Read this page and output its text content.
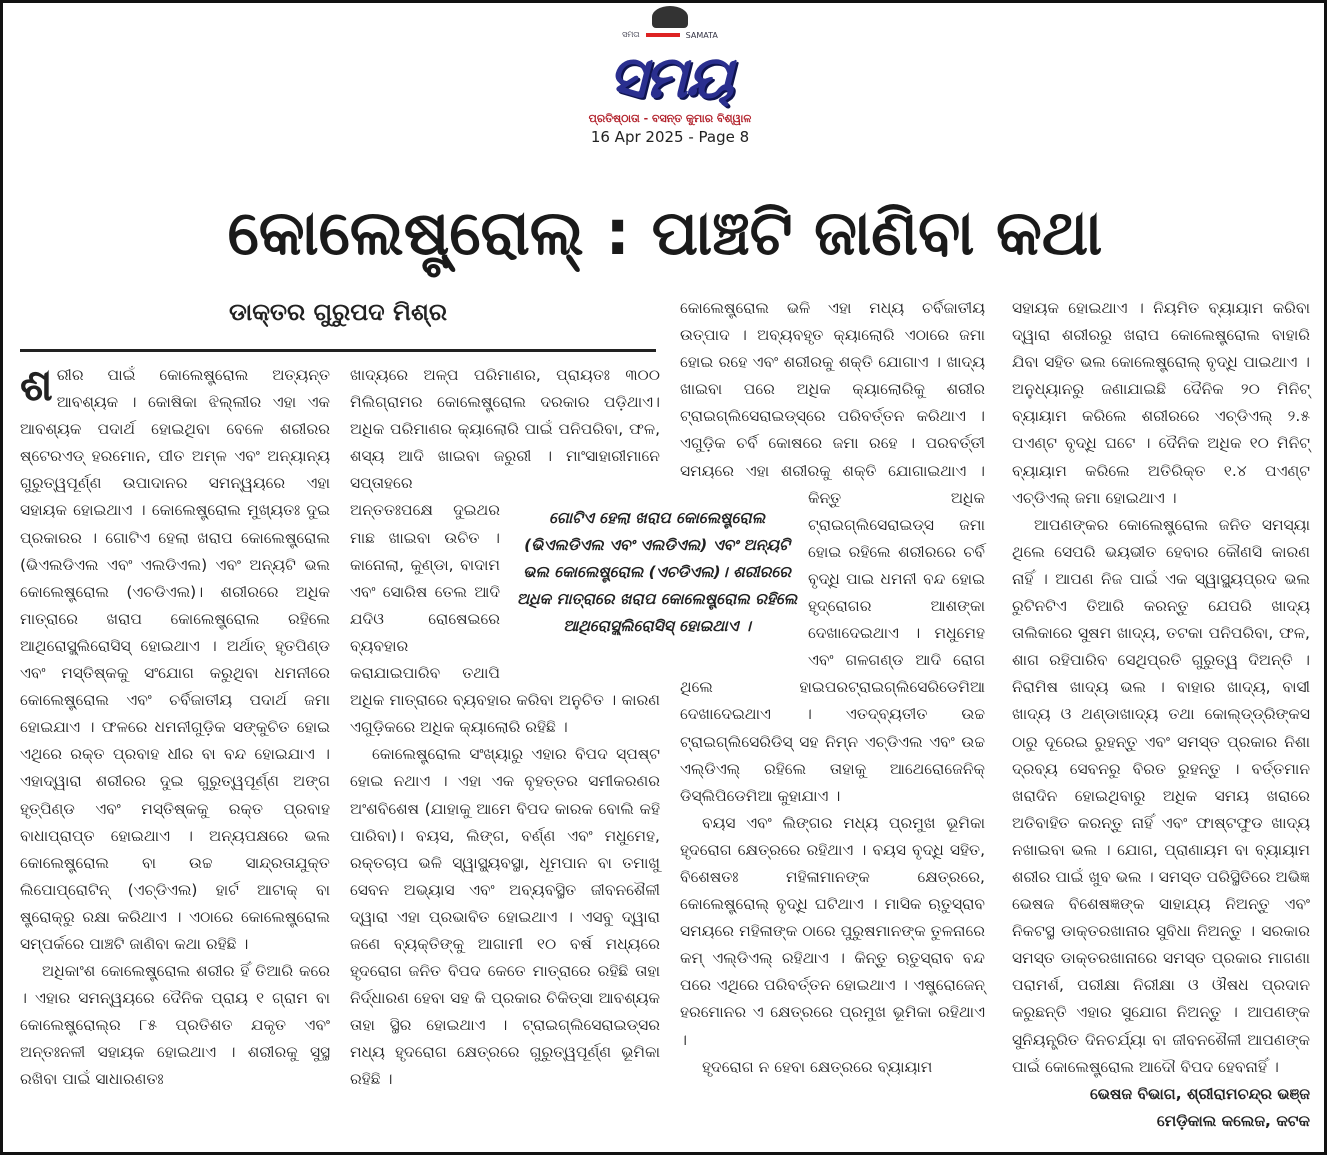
ସମତା	SAMATA
ସମୟ
ପ୍ରତିଷ୍ଠାତା - ବସନ୍ତ କୁମାର ବିଶ୍ୱାଳ
16 Apr 2025 - Page 8
କୋଲେଷ୍ଟ୍ରୋଲ୍ : ପାଞ୍ଚଟି ଜାଣିବା କଥା
ଡାକ୍ତର ଗୁରୁପଦ ମିଶ୍ର

ଶରୀର ପାଇଁ କୋଲେଷ୍ଟ୍ରୋଲ ଅତ୍ୟନ୍ତ ଆବଶ୍ୟକ । କୋଷିକା ଝିଲ୍ଲୀର ଏହା ଏକ ଆବଶ୍ୟକ ପଦାର୍ଥ ହୋଇଥିବା ବେଳେ ଶରୀରର ଷ୍ଟେରଏଡ୍ ହରମୋନ, ପୀତ ଅମ୍ଳ ଏବଂ ଅନ୍ୟାନ୍ୟ ଗୁରୁତ୍ୱପୂର୍ଣ୍ଣ ଉପାଦାନର ସମନ୍ୱୟରେ ଏହା ସହାୟକ ହୋଇଥାଏ । କୋଲେଷ୍ଟ୍ରୋଲ ମୁଖ୍ୟତଃ ଦୁଇ ପ୍ରକାରର । ଗୋଟିଏ ହେଲା ଖରାପ କୋଲେଷ୍ଟ୍ରୋଲ (ଭିଏଲଡିଏଲ ଏବଂ ଏଲଡିଏଲ) ଏବଂ ଅନ୍ୟଟି ଭଲ କୋଲେଷ୍ଟ୍ରୋଲ (ଏଚଡିଏଲ)। ଶରୀରରେ ଅଧିକ ମାତ୍ରାରେ ଖରାପ କୋଲେଷ୍ଟ୍ରୋଲ ରହିଲେ ଆଥିରୋସ୍କ୍ଲିରୋସିସ୍ ହୋଇଥାଏ । ଅର୍ଥାତ୍ ହୃତପିଣ୍ଡ ଏବଂ ମସ୍ତିଷ୍କକୁ ସଂଯୋଗ କରୁଥିବା ଧମନୀରେ କୋଲେଷ୍ଟ୍ରୋଲ ଏବଂ ଚର୍ବିଜାତୀୟ ପଦାର୍ଥ ଜମା ହୋଇଯାଏ । ଫଳରେ ଧମନୀଗୁଡ଼ିକ ସଙ୍କୁଚିତ ହୋଇ ଏଥିରେ ରକ୍ତ ପ୍ରବାହ ଧୀର ବା ବନ୍ଦ ହୋଇଯାଏ । ଏହାଦ୍ୱାରା ଶରୀରର ଦୁଇ ଗୁରୁତ୍ୱପୂର୍ଣ୍ଣ ଅଙ୍ଗ ହୃତ୍‌ପିଣ୍ଡ ଏବଂ ମସ୍ତିଷ୍କକୁ ରକ୍ତ ପ୍ରବାହ ବାଧାପ୍ରାପ୍ତ ହୋଇଥାଏ । ଅନ୍ୟପକ୍ଷରେ ଭଲ କୋଲେଷ୍ଟ୍ରୋଲ ବା ଉଚ୍ଚ ସାନ୍ଦ୍ରତାଯୁକ୍ତ ଲିପୋପ୍ରୋଟିନ୍ (ଏଚ୍‌ଡିଏଲ) ହାର୍ଟ ଆଟାକ୍ ବା ଷ୍ଟ୍ରୋକ୍‌ରୁ ରକ୍ଷା କରିଥାଏ । ଏଠାରେ କୋଲେଷ୍ଟ୍ରୋଲ ସମ୍ପର୍କରେ ପାଞ୍ଚଟି ଜାଣିବା କଥା ରହିଛି ।

ଅଧିକାଂଶ କୋଲେଷ୍ଟ୍ରୋଲ ଶରୀର ହିଁ ତିଆରି କରେ । ଏହାର ସମନ୍ୱୟରେ ଦୈନିକ ପ୍ରାୟ ୧ ଗ୍ରାମ ବା କୋଲେଷ୍ଟ୍ରୋଲ୍‌ର ୮୫ ପ୍ରତିଶତ ଯକୃତ ଏବଂ ଅନ୍ତଃନଳୀ ସହାୟକ ହୋଇଥାଏ । ଶରୀରକୁ ସୁସ୍ଥ ରଖିବା ପାଇଁ ସାଧାରଣତଃ

ଖାଦ୍ୟରେ ଅଳ୍ପ ପରିମାଣର, ପ୍ରାୟତଃ ୩୦୦ ମିଲିଗ୍ରାମର କୋଲେଷ୍ଟ୍ରୋଲ ଦରକାର ପଡ଼ିଥାଏ। ଅଧିକ ପରିମାଣର କ୍ୟାଲୋରି ପାଇଁ ପନିପରିବା, ଫଳ, ଶସ୍ୟ ଆଦି ଖାଇବା ଜରୁରୀ । ମାଂସାହାରୀମାନେ ସପ୍ତାହରେ ଅନ୍ତତଃପକ୍ଷେ ଦୁଇଥର ମାଛ ଖାଇବା ଉଚିତ । କାନୋଲା, କୁଣ୍ଡା, ବାଦାମ ଏବଂ ସୋରିଷ ତେଲ ଆଦି ଯଦିଓ ରୋଷେଇରେ ବ୍ୟବହାର କରାଯାଇପାରିବ ତଥାପି ଅଧିକ ମାତ୍ରାରେ ବ୍ୟବହାର କରିବା ଅନୁଚିତ । କାରଣ ଏଗୁଡ଼ିକରେ ଅଧିକ କ୍ୟାଲୋରି ରହିଛି ।

କୋଲେଷ୍ଟ୍ରୋଲ ସଂଖ୍ୟାରୁ ଏହାର ବିପଦ ସ୍ପଷ୍ଟ ହୋଇ ନଥାଏ । ଏହା ଏକ ବୃହତ୍ତର ସମୀକରଣର ଅଂଶବିଶେଷ (ଯାହାକୁ ଆମେ ବିପଦ କାରକ ବୋଲି କହି ପାରିବା)। ବୟସ, ଲିଙ୍ଗ, ବର୍ଣ୍ଣ ଏବଂ ମଧୁମେହ, ରକ୍ତଚାପ ଭଳି ସ୍ୱାସ୍ଥ୍ୟବସ୍ଥା, ଧୂମପାନ ବା ତମାଖୁ ସେବନ ଅଭ୍ୟାସ ଏବଂ ଅବ୍ୟବସ୍ଥିତ ଜୀବନଶୈଳୀ ଦ୍ୱାରା ଏହା ପ୍ରଭାବିତ ହୋଇଥାଏ । ଏସବୁ ଦ୍ୱାରା ଜଣେ ବ୍ୟକ୍ତିଙ୍କୁ ଆଗାମୀ ୧୦ ବର୍ଷ ମଧ୍ୟରେ ହୃଦରୋଗ ଜନିତ ବିପଦ କେତେ ମାତ୍ରାରେ ରହିଛି ତାହା ନିର୍ଦ୍ଧାରଣ ହେବା ସହ କି ପ୍ରକାର ଚିକିତ୍ସା ଆବଶ୍ୟକ ତାହା ସ୍ଥିର ହୋଇଥାଏ । ଟ୍ରାଇଗ୍ଲିସେରାଇଡ୍‌ସର ମଧ୍ୟ ହୃଦରୋଗ କ୍ଷେତ୍ରରେ ଗୁରୁତ୍ୱପୂର୍ଣ୍ଣ ଭୂମିକା ରହିଛି ।

କୋଲେଷ୍ଟ୍ରୋଲ ଭଳି ଏହା ମଧ୍ୟ ଚର୍ବିଜାତୀୟ ଉତ୍ପାଦ । ଅବ୍ୟବହୃତ କ୍ୟାଲୋରି ଏଠାରେ ଜମା ହୋଇ ରହେ ଏବଂ ଶରୀରକୁ ଶକ୍ତି ଯୋଗାଏ । ଖାଦ୍ୟ ଖାଇବା ପରେ ଅଧିକ କ୍ୟାଲୋରିକୁ ଶରୀର ଟ୍ରାଇଗ୍ଲିସେରାଇଡ୍‌ସ୍‌ରେ ପରିବର୍ତ୍ତନ କରିଥାଏ । ଏଗୁଡ଼ିକ ଚର୍ବି କୋଷରେ ଜମା ରହେ । ପରବର୍ତ୍ତୀ ସମୟରେ ଏହା ଶରୀରକୁ ଶକ୍ତି ଯୋଗାଇଥାଏ । କିନ୍ତୁ ଅଧିକ ଟ୍ରାଇଗ୍ଲିସେରାଇଡ୍‌ସ ଜମା ହୋଇ ରହିଲେ ଶରୀରରେ ଚର୍ବି ବୃଦ୍ଧି ପାଇ ଧମନୀ ବନ୍ଦ ହୋଇ ହୃଦ୍‌ରୋଗର ଆଶଙ୍କା ଦେଖାଦେଇଥାଏ । ମଧୁମେହ ଏବଂ ଗଳଗଣ୍ଡ ଆଦି ରୋଗ ଥିଲେ ହାଇପରଟ୍ରାଇଗ୍ଲିସେରିଡେମିଆ ଦେଖାଦେଇଥାଏ । ଏତଦ୍‌ବ୍ୟତୀତ ଉଚ୍ଚ ଟ୍ରାଇଗ୍ଲିସେରିଡିସ୍ ସହ ନିମ୍ନ ଏଚ୍‌ଡିଏଲ ଏବଂ ଉଚ୍ଚ ଏଲ୍‌ଡିଏଲ୍ ରହିଲେ ତାହାକୁ ଆଥେରୋଜେନିକ୍ ଡିସ୍ଲିପିଡେମିଆ କୁହାଯାଏ ।

ବୟସ ଏବଂ ଲିଙ୍ଗର ମଧ୍ୟ ପ୍ରମୁଖ ଭୂମିକା ହୃଦରୋଗ କ୍ଷେତ୍ରରେ ରହିଥାଏ । ବୟସ ବୃଦ୍ଧି ସହିତ, ବିଶେଷତଃ ମହିଳାମାନଙ୍କ କ୍ଷେତ୍ରରେ, କୋଲେଷ୍ଟ୍ରୋଲ୍ ବୃଦ୍ଧି ଘଟିଥାଏ । ମାସିକ ଋତୁସ୍ରାବ ସମୟରେ ମହିଳାଙ୍କ ଠାରେ ପୁରୁଷମାନଙ୍କ ତୁଳନାରେ କମ୍ ଏଲ୍‌ଡିଏଲ୍ ରହିଥାଏ । କିନ୍ତୁ ଋତୁସ୍ରାବ ବନ୍ଦ ପରେ ଏଥିରେ ପରିବର୍ତ୍ତନ ହୋଇଥାଏ । ଏଷ୍ଟ୍ରୋଜେନ୍ ହରମୋନର ଏ କ୍ଷେତ୍ରରେ ପ୍ରମୁଖ ଭୂମିକା ରହିଥାଏ ।

ହୃଦରୋଗ ନ ହେବା କ୍ଷେତ୍ରରେ ବ୍ୟାୟାମ

ସହାୟକ ହୋଇଥାଏ । ନିୟମିତ ବ୍ୟାୟାମ କରିବା ଦ୍ୱାରା ଶରୀରରୁ ଖରାପ କୋଲେଷ୍ଟ୍ରୋଲ ବାହାରି ଯିବା ସହିତ ଭଲ କୋଲେଷ୍ଟ୍ରୋଲ୍ ବୃଦ୍ଧି ପାଇଥାଏ । ଅନୁଧ୍ୟାନରୁ ଜଣାଯାଇଛି ଦୈନିକ ୨୦ ମିନିଟ୍ ବ୍ୟାୟାମ କରିଲେ ଶରୀରରେ ଏଚ୍‌ଡିଏଲ୍ ୨.୫ ପଏଣ୍ଟ ବୃଦ୍ଧି ଘଟେ । ଦୈନିକ ଅଧିକ ୧୦ ମିନିଟ୍ ବ୍ୟାୟାମ କରିଲେ ଅତିରିକ୍ତ ୧.୪ ପଏଣ୍ଟ ଏଚ୍‌ଡିଏଲ୍ ଜମା ହୋଇଥାଏ ।

ଆପଣଙ୍କର କୋଲେଷ୍ଟ୍ରୋଲ ଜନିତ ସମସ୍ୟା ଥିଲେ ସେପରି ଭୟଭୀତ ହେବାର କୌଣସି କାରଣ ନାହିଁ । ଆପଣ ନିଜ ପାଇଁ ଏକ ସ୍ୱାସ୍ଥ୍ୟପ୍ରଦ ଭଲ ରୁଟିନଟିଏ ତିଆରି କରନ୍ତୁ ଯେପରି ଖାଦ୍ୟ ତାଲିକାରେ ସୁଷମ ଖାଦ୍ୟ, ତଟକା ପନିପରିବା, ଫଳ, ଶାଗ ରହିପାରିବ ସେଥିପ୍ରତି ଗୁରୁତ୍ୱ ଦିଅନ୍ତି । ନିରାମିଷ ଖାଦ୍ୟ ଭଲ । ବାହାର ଖାଦ୍ୟ, ବାସୀ ଖାଦ୍ୟ ଓ ଥଣ୍ଡାଖାଦ୍ୟ ତଥା କୋଲ୍ଡ୍‌ଡ୍ରିଙ୍କସ ଠାରୁ ଦୂରେଇ ରୁହନ୍ତୁ ଏବଂ ସମସ୍ତ ପ୍ରକାର ନିଶା ଦ୍ରବ୍ୟ ସେବନରୁ ବିରତ ରୁହନ୍ତୁ । ବର୍ତ୍ତମାନ ଖରାଦିନ ହୋଇଥିବାରୁ ଅଧିକ ସମୟ ଖରାରେ ଅତିବାହିତ କରନ୍ତୁ ନାହିଁ ଏବଂ ଫାଷ୍ଟଫୁଡ ଖାଦ୍ୟ ନଖାଇବା ଭଲ । ଯୋଗ, ପ୍ରାଣାୟମ ବା ବ୍ୟାୟାମ ଶରୀର ପାଇଁ ଖୁବ ଭଲ । ସମସ୍ତ ପରିସ୍ଥିତିରେ ଅଭିଜ୍ଞ ଭେଷଜ ବିଶେଷଜ୍ଞଙ୍କ ସାହାଯ୍ୟ ନିଅନ୍ତୁ ଏବଂ ନିକଟସ୍ଥ ଡାକ୍ତରଖାନାର ସୁବିଧା ନିଅନ୍ତୁ । ସରକାର ସମସ୍ତ ଡାକ୍ତରଖାନାରେ ସମସ୍ତ ପ୍ରକାର ମାଗଣା ପରାମର୍ଶ, ପରୀକ୍ଷା ନିରୀକ୍ଷା ଓ ଔଷଧ ପ୍ରଦାନ କରୁଛନ୍ତି ଏହାର ସୁଯୋଗ ନିଅନ୍ତୁ । ଆପଣଙ୍କ ସୁନିୟନ୍ତ୍ରିତ ଦିନଚର୍ଯ୍ୟା ବା ଜୀବନଶୈଳୀ ଆପଣଙ୍କ ପାଇଁ କୋଲେଷ୍ଟ୍ରୋଲ ଆଦୌ ବିପଦ ହେବନାହିଁ ।

ଭେଷଜ ବିଭାଗ, ଶ୍ରୀରାମଚନ୍ଦ୍ର ଭଞ୍ଜ
ମେଡ଼ିକାଲ କଲେଜ, କଟକ
ଗୋଟିଏ ହେଲା ଖରାପ କୋଲେଷ୍ଟ୍ରୋଲ (ଭିଏଲଡିଏଲ ଏବଂ ଏଲଡିଏଲ) ଏବଂ ଅନ୍ୟଟି ଭଲ କୋଲେଷ୍ଟ୍ରୋଲ (ଏଚଡିଏଲ)। ଶରୀରରେ ଅଧିକ ମାତ୍ରାରେ ଖରାପ କୋଲେଷ୍ଟ୍ରୋଲ ରହିଲେ ଆଥିରୋସ୍କ୍ଲିରୋସିସ୍ ହୋଇଥାଏ ।
